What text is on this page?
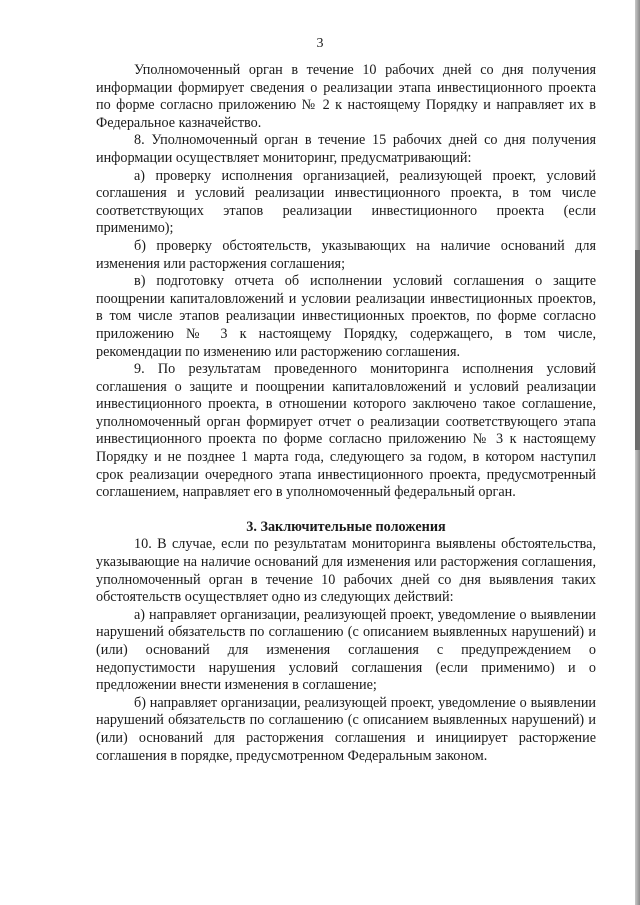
3

Уполномоченный орган в течение 10 рабочих дней со дня получения информации формирует сведения о реализации этапа инвестиционного проекта по форме согласно приложению № 2 к настоящему Порядку и направляет их в Федеральное казначейство.

8. Уполномоченный орган в течение 15 рабочих дней со дня получения информации осуществляет мониторинг, предусматривающий:

а) проверку исполнения организацией, реализующей проект, условий соглашения и условий реализации инвестиционного проекта, в том числе соответствующих этапов реализации инвестиционного проекта (если применимо);

б) проверку обстоятельств, указывающих на наличие оснований для изменения или расторжения соглашения;

в) подготовку отчета об исполнении условий соглашения о защите поощрении капиталовложений и условии реализации инвестиционных проектов, в том числе этапов реализации инвестиционных проектов, по форме согласно приложению № 3 к настоящему Порядку, содержащего, в том числе, рекомендации по изменению или расторжению соглашения.

9. По результатам проведенного мониторинга исполнения условий соглашения о защите и поощрении капиталовложений и условий реализации инвестиционного проекта, в отношении которого заключено такое соглашение, уполномоченный орган формирует отчет о реализации соответствующего этапа инвестиционного проекта по форме согласно приложению № 3 к настоящему Порядку и не позднее 1 марта года, следующего за годом, в котором наступил срок реализации очередного этапа инвестиционного проекта, предусмотренный соглашением, направляет его в уполномоченный федеральный орган.

3. Заключительные положения

10. В случае, если по результатам мониторинга выявлены обстоятельства, указывающие на наличие оснований для изменения или расторжения соглашения, уполномоченный орган в течение 10 рабочих дней со дня выявления таких обстоятельств осуществляет одно из следующих действий:

а) направляет организации, реализующей проект, уведомление о выявлении нарушений обязательств по соглашению (с описанием выявленных нарушений) и (или) оснований для изменения соглашения с предупреждением о недопустимости нарушения условий соглашения (если применимо) и о предложении внести изменения в соглашение;

б) направляет организации, реализующей проект, уведомление о выявлении нарушений обязательств по соглашению (с описанием выявленных нарушений) и (или) оснований для расторжения соглашения и инициирует расторжение соглашения в порядке, предусмотренном Федеральным законом.
